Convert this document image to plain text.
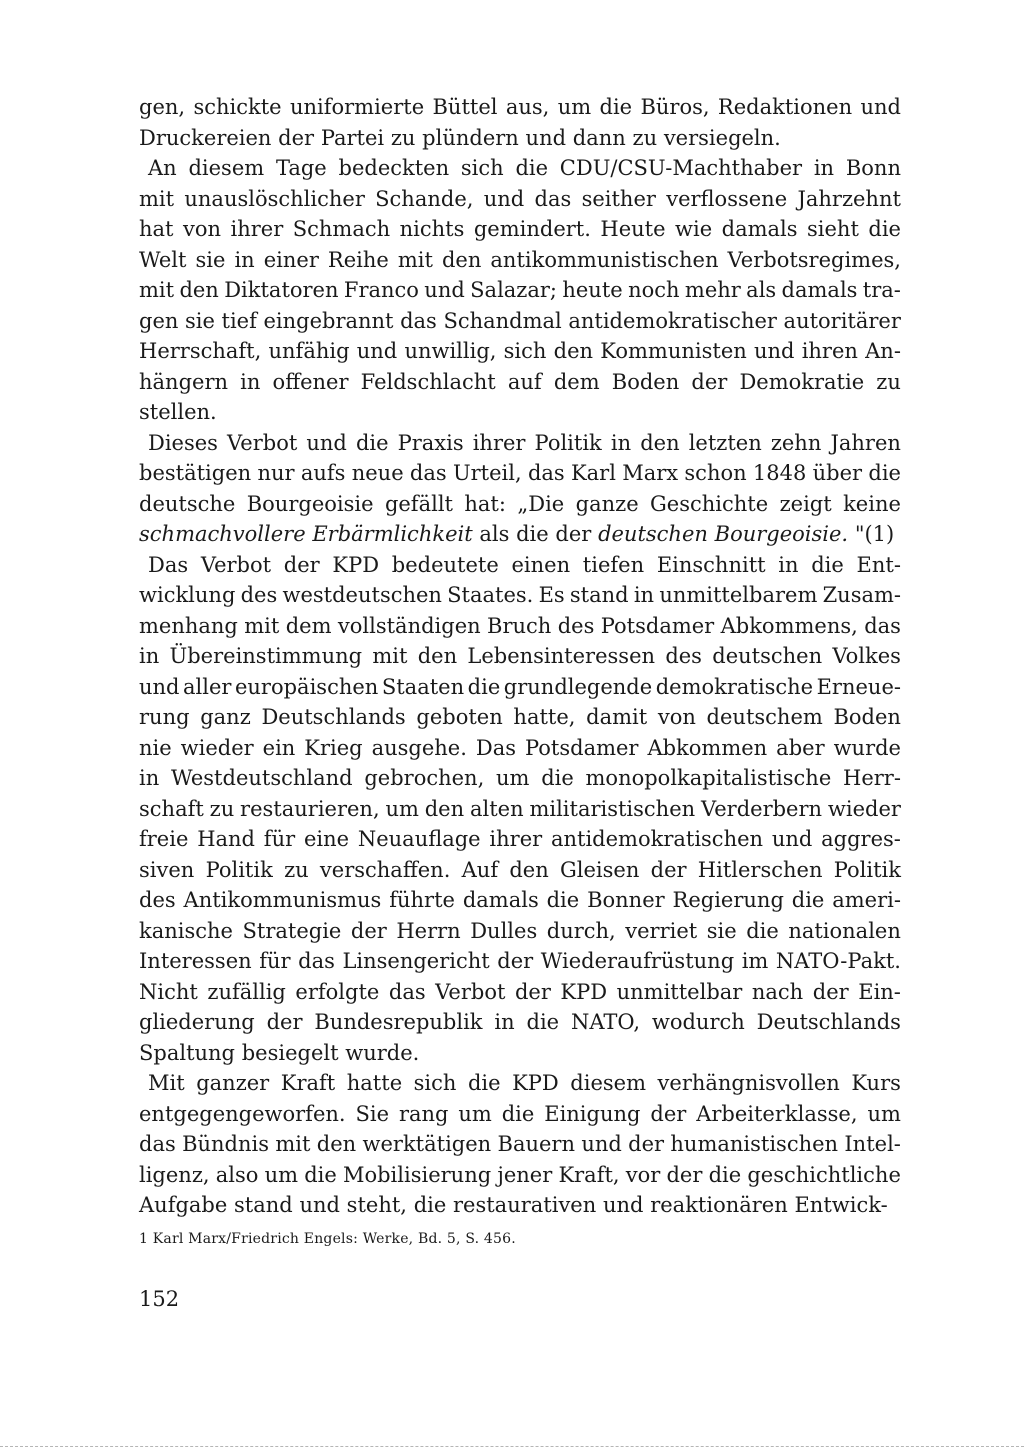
gen, schickte uniformierte Büttel aus, um die Büros, Redaktionen und
Druckereien der Partei zu plündern und dann zu versiegeln.
An diesem Tage bedeckten sich die CDU/CSU-Machthaber in Bonn
mit unauslöschlicher Schande, und das seither verflossene Jahrzehnt
hat von ihrer Schmach nichts gemindert. Heute wie damals sieht die
Welt sie in einer Reihe mit den antikommunistischen Verbotsregimes,
mit den Diktatoren Franco und Salazar; heute noch mehr als damals tra-
gen sie tief eingebrannt das Schandmal antidemokratischer autoritärer
Herrschaft, unfähig und unwillig, sich den Kommunisten und ihren An-
hängern in offener Feldschlacht auf dem Boden der Demokratie zu
stellen.
Dieses Verbot und die Praxis ihrer Politik in den letzten zehn Jahren
bestätigen nur aufs neue das Urteil, das Karl Marx schon 1848 über die
deutsche Bourgeoisie gefällt hat: „Die ganze Geschichte zeigt keine
schmachvollere Erbärmlichkeit als die der deutschen Bourgeoisie. "(1)
Das Verbot der KPD bedeutete einen tiefen Einschnitt in die Ent-
wicklung des westdeutschen Staates. Es stand in unmittelbarem Zusam-
menhang mit dem vollständigen Bruch des Potsdamer Abkommens, das
in Übereinstimmung mit den Lebensinteressen des deutschen Volkes
und aller europäischen Staaten die grundlegende demokratische Erneue-
rung ganz Deutschlands geboten hatte, damit von deutschem Boden
nie wieder ein Krieg ausgehe. Das Potsdamer Abkommen aber wurde
in Westdeutschland gebrochen, um die monopolkapitalistische Herr-
schaft zu restaurieren, um den alten militaristischen Verderbern wieder
freie Hand für eine Neuauflage ihrer antidemokratischen und aggres-
siven Politik zu verschaffen. Auf den Gleisen der Hitlerschen Politik
des Antikommunismus führte damals die Bonner Regierung die ameri-
kanische Strategie der Herrn Dulles durch, verriet sie die nationalen
Interessen für das Linsengericht der Wiederaufrüstung im NATO-Pakt.
Nicht zufällig erfolgte das Verbot der KPD unmittelbar nach der Ein-
gliederung der Bundesrepublik in die NATO, wodurch Deutschlands
Spaltung besiegelt wurde.
Mit ganzer Kraft hatte sich die KPD diesem verhängnisvollen Kurs
entgegengeworfen. Sie rang um die Einigung der Arbeiterklasse, um
das Bündnis mit den werktätigen Bauern und der humanistischen Intel-
ligenz, also um die Mobilisierung jener Kraft, vor der die geschichtliche
Aufgabe stand und steht, die restaurativen und reaktionären Entwick-
1 Karl Marx/Friedrich Engels: Werke, Bd. 5, S. 456.
152
